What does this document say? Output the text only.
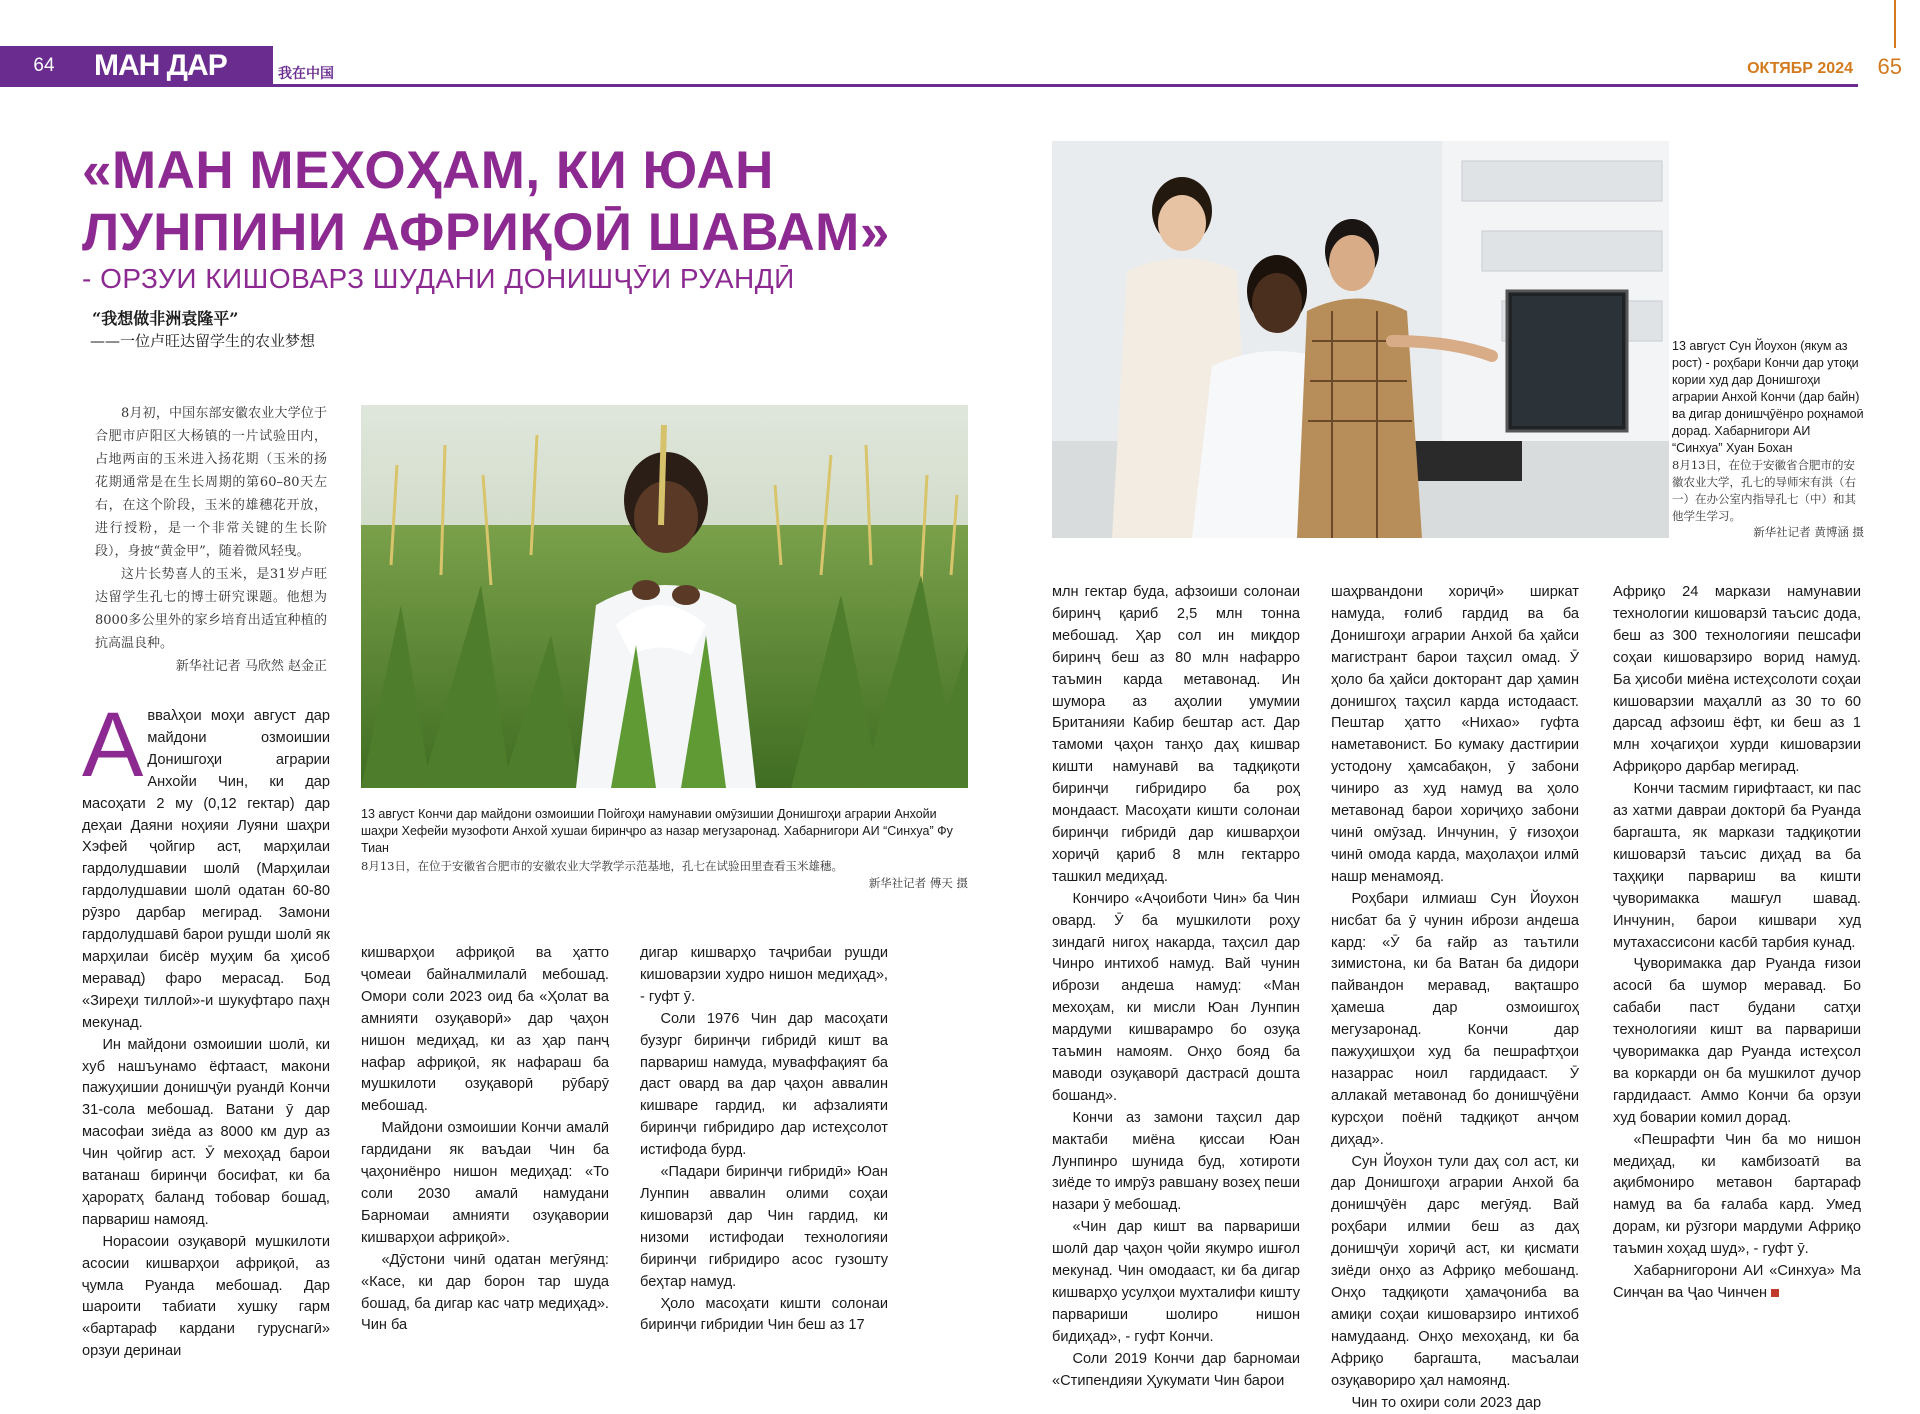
64	МАН ДАР ЧИН
我在中国	ОКТЯБР 2024 65
«МАН МЕХОҲАМ, КИ ЮАН ЛУНПИНИ АФРИҚОӢ ШАВАМ»
- ОРЗУИ КИШОВАРЗ ШУДАНИ ДОНИШҶӮИ РУАНДӢ
“我想做非洲袁隆平”
——一位卢旺达留学生的农业梦想

8月初，中国东部安徽农业大学位于合肥市庐阳区大杨镇的一片试验田内，占地两亩的玉米进入扬花期（玉米的扬花期通常是在生长周期的第60–80天左右，在这个阶段，玉米的雄穗花开放，进行授粉，是一个非常关键的生长阶段），身披“黄金甲”，随着微风轻曳。

这片长势喜人的玉米，是31岁卢旺达留学生孔七的博士研究课题。他想为8000多公里外的家乡培育出适宜种植的抗高温良种。

新华社记者 马欣然 赵金正

13 август Кончи дар майдони озмоишии Пойгоҳи намунавии омӯзишии Донишгоҳи аграрии Анхойи шаҳри Хефейи музофоти Анхой хушаи биринҷро аз назар мегузаронад. Хабарнигори АИ “Синхуа” Фу Тиан
8月13日，在位于安徽省合肥市的安徽农业大学教学示范基地，孔七在试验田里查看玉米雄穗。
新华社记者 傅天 摄
13 август Сун Йоухон (якум аз рост) - роҳбари Кончи дар утоқи кории худ дар Донишгоҳи аграрии Анхой Кончи (дар байн) ва дигар донишҷӯёнро роҳнамоӣ дорад. Хабарнигори АИ “Синхуа” Хуан Бохан
8月13日，在位于安徽省合肥市的安徽农业大学，孔七的导师宋有洪（右一）在办公室内指导孔七（中）和其他学生学习。
新华社记者 黄博涵 摄

Авваλҳои моҳи август дар майдони озмоишии Донишгоҳи аграрии Анхойи Чин, ки дар масоҳати 2 му (0,12 гектар) дар деҳаи Даяни ноҳияи Луяни шаҳри Хэфей ҷойгир аст, марҳилаи гардолудшавии шолӣ (Марҳилаи гардолудшавии шолӣ одатан 60-80 рӯзро дарбар мегирад. Замони гардолудшавӣ барои рушди шолӣ як марҳилаи бисёр муҳим ба ҳисоб меравад) фаро мерасад. Бод «Зиреҳи тиллоӣ»-и шукуфтаро паҳн мекунад.

Ин майдони озмоишии шолӣ, ки хуб нашъунамо ёфтааст, макони пажуҳишии донишҷӯи руандӣ Кончи 31-сола мебошад. Ватани ӯ дар масофаи зиёда аз 8000 км дур аз Чин ҷойгир аст. Ӯ мехоҳад барои ватанаш биринҷи босифат, ки ба ҳароратҳ баланд тобовар бошад, парвариш намояд.

Норасоии озуқаворӣ мушкилоти асосии кишварҳои африқоӣ, аз ҷумла Руанда мебошад. Дар шароити табиати хушку гарм «бартараф кардани гуруснагӣ» орзуи деринаи

кишварҳои африқоӣ ва ҳатто ҷомеаи байналмилалӣ мебошад. Омори соли 2023 оид ба «Ҳолат ва амнияти озуқаворӣ» дар ҷаҳон нишон медиҳад, ки аз ҳар панҷ нафар африқоӣ, як нафараш ба мушкилоти озуқаворӣ рӯбарӯ мебошад.

Майдони озмоишии Кончи амалӣ гардидани як ваъдаи Чин ба ҷаҳониёнро нишон медиҳад: «То соли 2030 амалӣ намудани Барномаи амнияти озуқавории кишварҳои африқоӣ».

«Дӯстони чинӣ одатан мегӯянд: «Касе, ки дар борон тар шуда бошад, ба дигар кас чатр медиҳад». Чин ба

дигар кишварҳо таҷрибаи рушди кишоварзии худро нишон медиҳад», - гуфт ӯ.

Соли 1976 Чин дар масоҳати бузург биринҷи гибридӣ кишт ва парвариш намуда, муваффақият ба даст овард ва дар ҷаҳон аввалин кишваре гардид, ки афзалияти биринҷи гибридиро дар истеҳсолот истифода бурд.

«Падари биринҷи гибридӣ» Юан Лунпин аввалин олими соҳаи кишоварзӣ дар Чин гардид, ки низоми истифодаи технологияи биринҷи гибридиро асос гузошту беҳтар намуд.

Ҳоло масоҳати кишти солонаи биринҷи гибридии Чин беш аз 17

млн гектар буда, афзоиши солонаи биринҷ қариб 2,5 млн тонна мебошад. Ҳар сол ин миқдор биринҷ беш аз 80 млн нафарро таъмин карда метавонад. Ин шумора аз аҳолии умумии Британияи Кабир бештар аст. Дар тамоми ҷаҳон танҳо даҳ кишвар кишти намунавӣ ва тадқиқоти биринҷи гибридиро ба роҳ мондааст. Масоҳати кишти солонаи биринҷи гибридӣ дар кишварҳои хориҷӣ қариб 8 млн гектарро ташкил медиҳад.

Кончиро «Аҷоиботи Чин» ба Чин овард. Ӯ ба мушкилоти роҳу зиндагӣ нигоҳ накарда, таҳсил дар Чинро интихоб намуд. Вай чунин ибрози андеша намуд: «Ман мехоҳам, ки мисли Юан Лунпин мардуми кишварамро бо озуқа таъмин намоям. Онҳо бояд ба маводи озуқаворӣ дастрасӣ дошта бошанд».

Кончи аз замони таҳсил дар мактаби миёна қиссаи Юан Лунпинро шунида буд, хотироти зиёде то имрӯз равшану возеҳ пеши назари ӯ мебошад.

«Чин дар кишт ва парвариши шолӣ дар ҷаҳон ҷойи якумро ишғол мекунад. Чин омодааст, ки ба дигар кишварҳо усулҳои мухталифи кишту парвариши шолиро нишон бидиҳад», - гуфт Кончи.

Соли 2019 Кончи дар барномаи «Стипендияи Ҳукумати Чин барои

шаҳрвандони хориҷӣ» ширкат намуда, ғолиб гардид ва ба Донишгоҳи аграрии Анхой ба ҳайси магистрант барои таҳсил омад. Ӯ ҳоло ба ҳайси докторант дар ҳамин донишгоҳ таҳсил карда истодааст. Пештар ҳатто «Нихао» гуфта наметавонист. Бо кумаку дастгирии устодону ҳамсабақон, ӯ забони чиниро аз худ намуд ва ҳоло метавонад барои хориҷиҳо забони чинӣ омӯзад. Инчунин, ӯ ғизоҳои чинӣ омода карда, маҳолаҳои илмӣ нашр менамояд.

Роҳбари илмиаш Сун Йоухон нисбат ба ӯ чунин ибрози андеша кард: «Ӯ ба ғайр аз таътили зимистона, ки ба Ватан ба дидори пайвандон меравад, вақташро ҳамеша дар озмоишгоҳ мегузаронад. Кончи дар пажуҳишҳои худ ба пешрафтҳои назаррас ноил гардидааст. Ӯ аллакай метавонад бо донишҷӯёни курсҳои поёнӣ тадқиқот анҷом диҳад».

Сун Йоухон тули даҳ сол аст, ки дар Донишгоҳи аграрии Анхой ба донишҷӯён дарс мегӯяд. Вай роҳбари илмии беш аз даҳ донишҷӯи хориҷӣ аст, ки қисмати зиёди онҳо аз Африқо мебошанд. Онҳо тадқиқоти ҳамаҷониба ва амиқи соҳаи кишоварзиро интихоб намудаанд. Онҳо мехоҳанд, ки ба Африқо баргашта, масъалаи озуқавориро ҳал намоянд.

Чин то охири соли 2023 дар

Африқо 24 маркази намунавии технологии кишоварзӣ таъсис дода, беш аз 300 технологияи пешсафи соҳаи кишоварзиро ворид намуд. Ба ҳисоби миёна истеҳсолоти соҳаи кишоварзии маҳаллӣ аз 30 то 60 дарсад афзоиш ёфт, ки беш аз 1 млн хоҷагиҳои хурди кишоварзии Африқоро дарбар мегирад.

Кончи тасмим гирифтааст, ки пас аз хатми давраи докторӣ ба Руанда баргашта, як маркази тадқиқотии кишоварзӣ таъсис диҳад ва ба таҳқиқи парвариш ва кишти ҷуворимакка машғул шавад. Инчунин, барои кишвари худ мутахассисони касбӣ тарбия кунад.

Ҷуворимакка дар Руанда ғизои асосӣ ба шумор меравад. Бо сабаби паст будани сатҳи технологияи кишт ва парвариши ҷуворимакка дар Руанда истеҳсол ва коркарди он ба мушкилот дучор гардидааст. Аммо Кончи ба орзуи худ боварии комил дорад.

«Пешрафти Чин ба мо нишон медиҳад, ки камбизоатӣ ва ақибмониро метавон бартараф намуд ва ба ғалаба кард. Умед дорам, ки рӯзгори мардуми Африқо таъмин хоҳад шуд», - гуфт ӯ.

Хабарнигорони АИ «Синхуа» Ма Синҷан ва Ҷао Чинчен
